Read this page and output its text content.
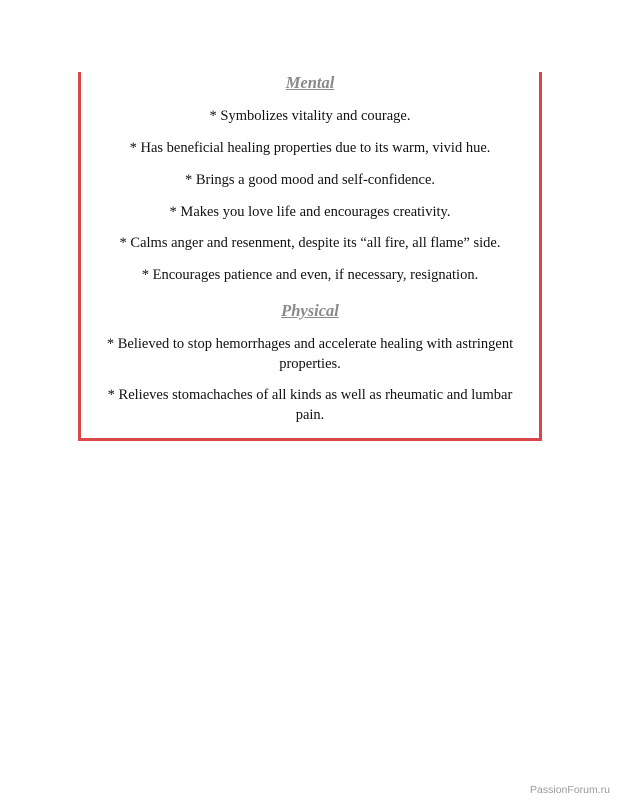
Mental

* Symbolizes vitality and courage.

* Has beneficial healing properties due to its warm, vivid hue.

* Brings a good mood and self-confidence.

* Makes you love life and encourages creativity.

* Calms anger and resenment, despite its “all fire, all flame” side.

* Encourages patience and even, if necessary, resignation.

Physical

* Believed to stop hemorrhages and accelerate healing with astringent properties.

* Relieves stomachaches of all kinds as well as rheumatic and lumbar pain.

PassionForum.ru
